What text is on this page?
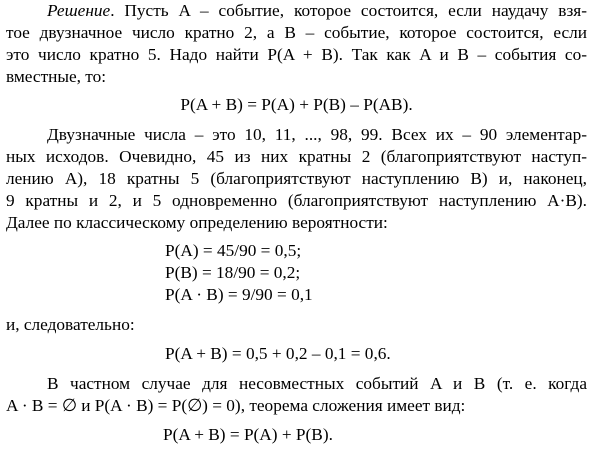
Решение. Пусть A – событие, которое состоится, если наудачу взя-
тое двузначное число кратно 2, а B – событие, которое состоится, если
это число кратно 5. Надо найти P(A + B). Так как A и B – события со-
вместные, то:
P(A + B) = P(A) + P(B) – P(AB).
Двузначные числа – это 10, 11, ..., 98, 99. Всех их – 90 элементар-
ных исходов. Очевидно, 45 из них кратны 2 (благоприятствуют наступ-
лению A), 18 кратны 5 (благоприятствуют наступлению B) и, наконец,
9 кратны и 2, и 5 одновременно (благоприятствуют наступлению A·B).
Далее по классическому определению вероятности:
P(A) = 45/90 = 0,5;
P(B) = 18/90 = 0,2;
P(A · B) = 9/90 = 0,1
и, следовательно:
P(A + B) = 0,5 + 0,2 – 0,1 = 0,6.
В частном случае для несовместных событий A и B (т. е. когда
A · B = ∅ и P(A · B) = P(∅) = 0), теорема сложения имеет вид:
P(A + B) = P(A) + P(B).
